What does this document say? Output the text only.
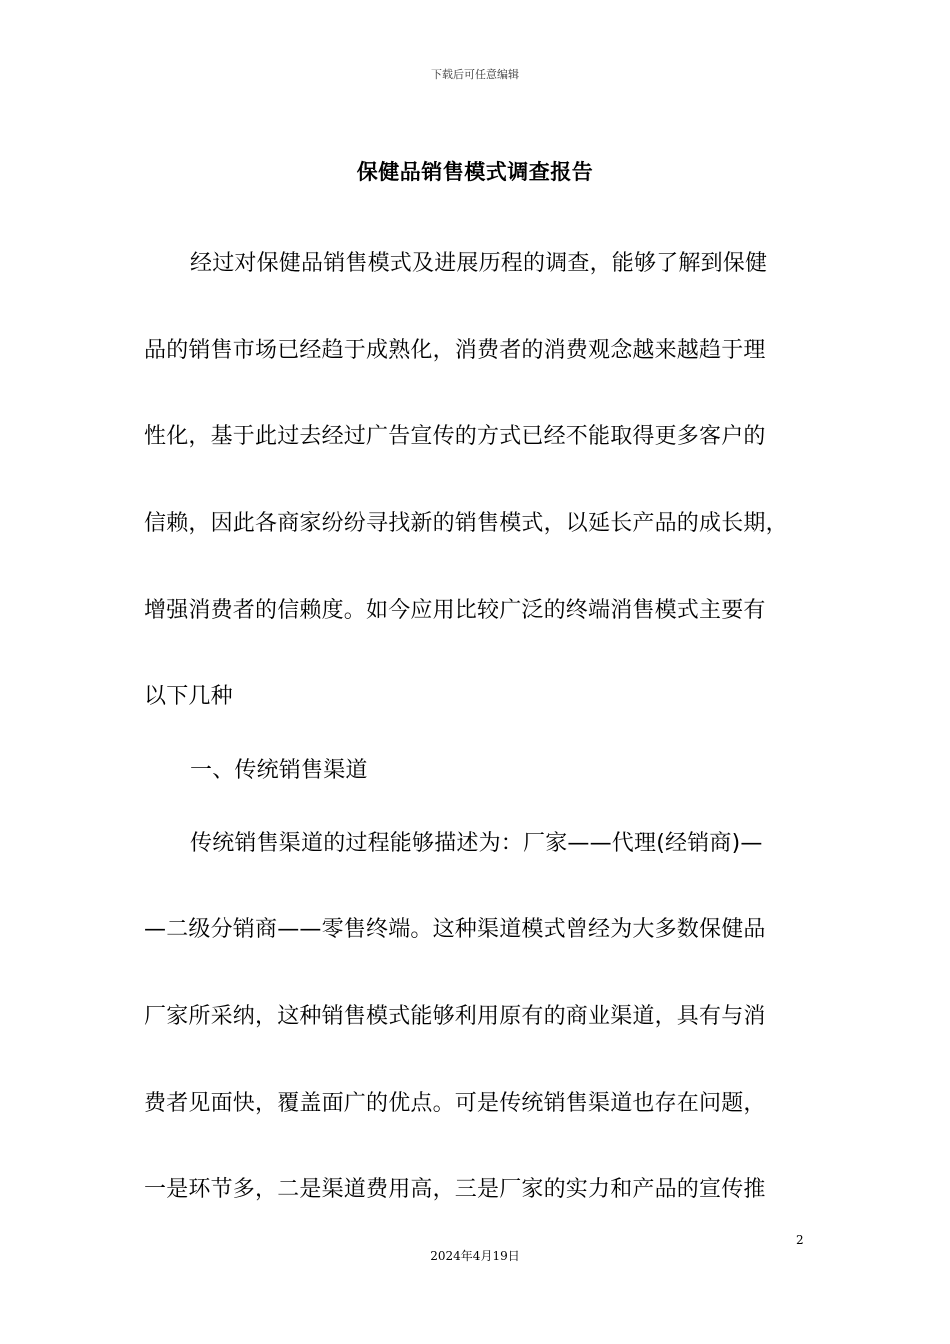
下载后可任意编辑
保健品销售模式调查报告
经过对保健品销售模式及进展历程的调查，能够了解到保健
品的销售市场已经趋于成熟化，消费者的消费观念越来越趋于理
性化，基于此过去经过广告宣传的方式已经不能取得更多客户的
信赖，因此各商家纷纷寻找新的销售模式，以延长产品的成长期，
增强消费者的信赖度。如今应用比较广泛的终端消售模式主要有
以下几种
一、传统销售渠道
传统销售渠道的过程能够描述为：厂家——代理(经销商)—
—二级分销商——零售终端。这种渠道模式曾经为大多数保健品
厂家所采纳，这种销售模式能够利用原有的商业渠道，具有与消
费者见面快，覆盖面广的优点。可是传统销售渠道也存在问题，
一是环节多，二是渠道费用高，三是厂家的实力和产品的宣传推
2
2024年4月19日
